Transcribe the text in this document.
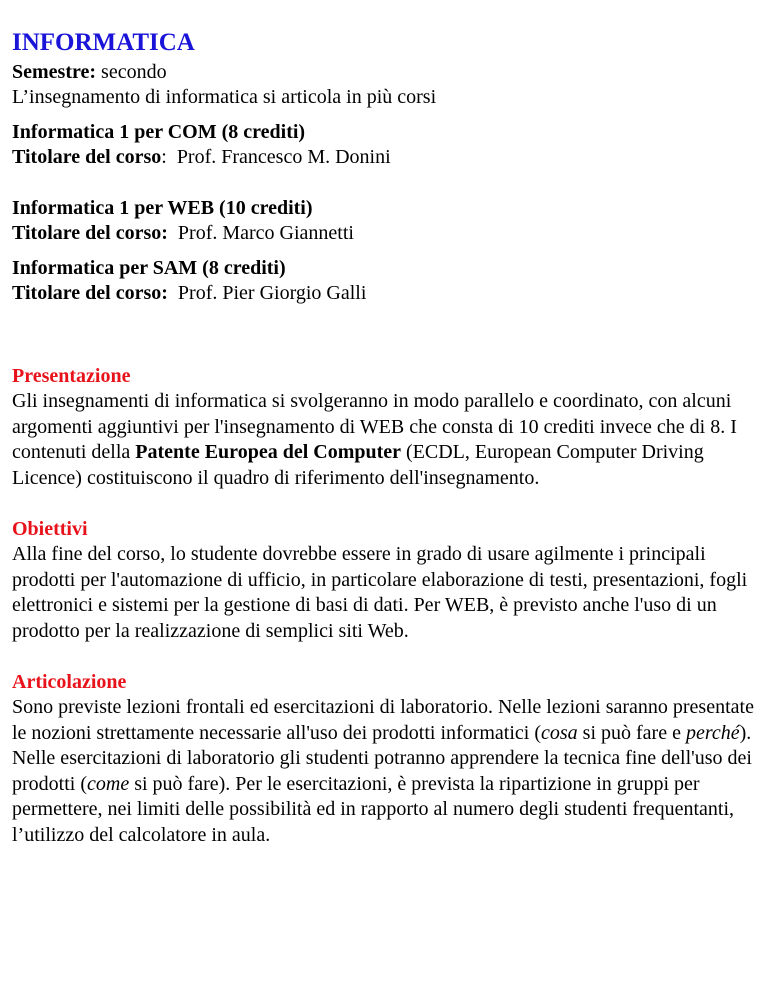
INFORMATICA

Semestre: secondo

L’insegnamento di informatica si articola in più corsi

Informatica 1 per COM (8 crediti)

Titolare del corso: Prof. Francesco M. Donini

Informatica 1 per WEB (10 crediti)

Titolare del corso: Prof. Marco Giannetti

Informatica per SAM (8 crediti)

Titolare del corso: Prof. Pier Giorgio Galli

Presentazione

Gli insegnamenti di informatica si svolgeranno in modo parallelo e coordinato, con alcuni argomenti aggiuntivi per l'insegnamento di WEB che consta di 10 crediti invece che di 8. I contenuti della Patente Europea del Computer (ECDL, European Computer Driving Licence) costituiscono il quadro di riferimento dell'insegnamento.

Obiettivi

Alla fine del corso, lo studente dovrebbe essere in grado di usare agilmente i principali prodotti per l'automazione di ufficio, in particolare elaborazione di testi, presentazioni, fogli elettronici e sistemi per la gestione di basi di dati. Per WEB, è previsto anche l'uso di un prodotto per la realizzazione di semplici siti Web.

Articolazione

Sono previste lezioni frontali ed esercitazioni di laboratorio. Nelle lezioni saranno presentate le nozioni strettamente necessarie all'uso dei prodotti informatici (cosa si può fare e perché). Nelle esercitazioni di laboratorio gli studenti potranno apprendere la tecnica fine dell'uso dei prodotti (come si può fare). Per le esercitazioni, è prevista la ripartizione in gruppi per permettere, nei limiti delle possibilità ed in rapporto al numero degli studenti frequentanti, l’utilizzo del calcolatore in aula.
